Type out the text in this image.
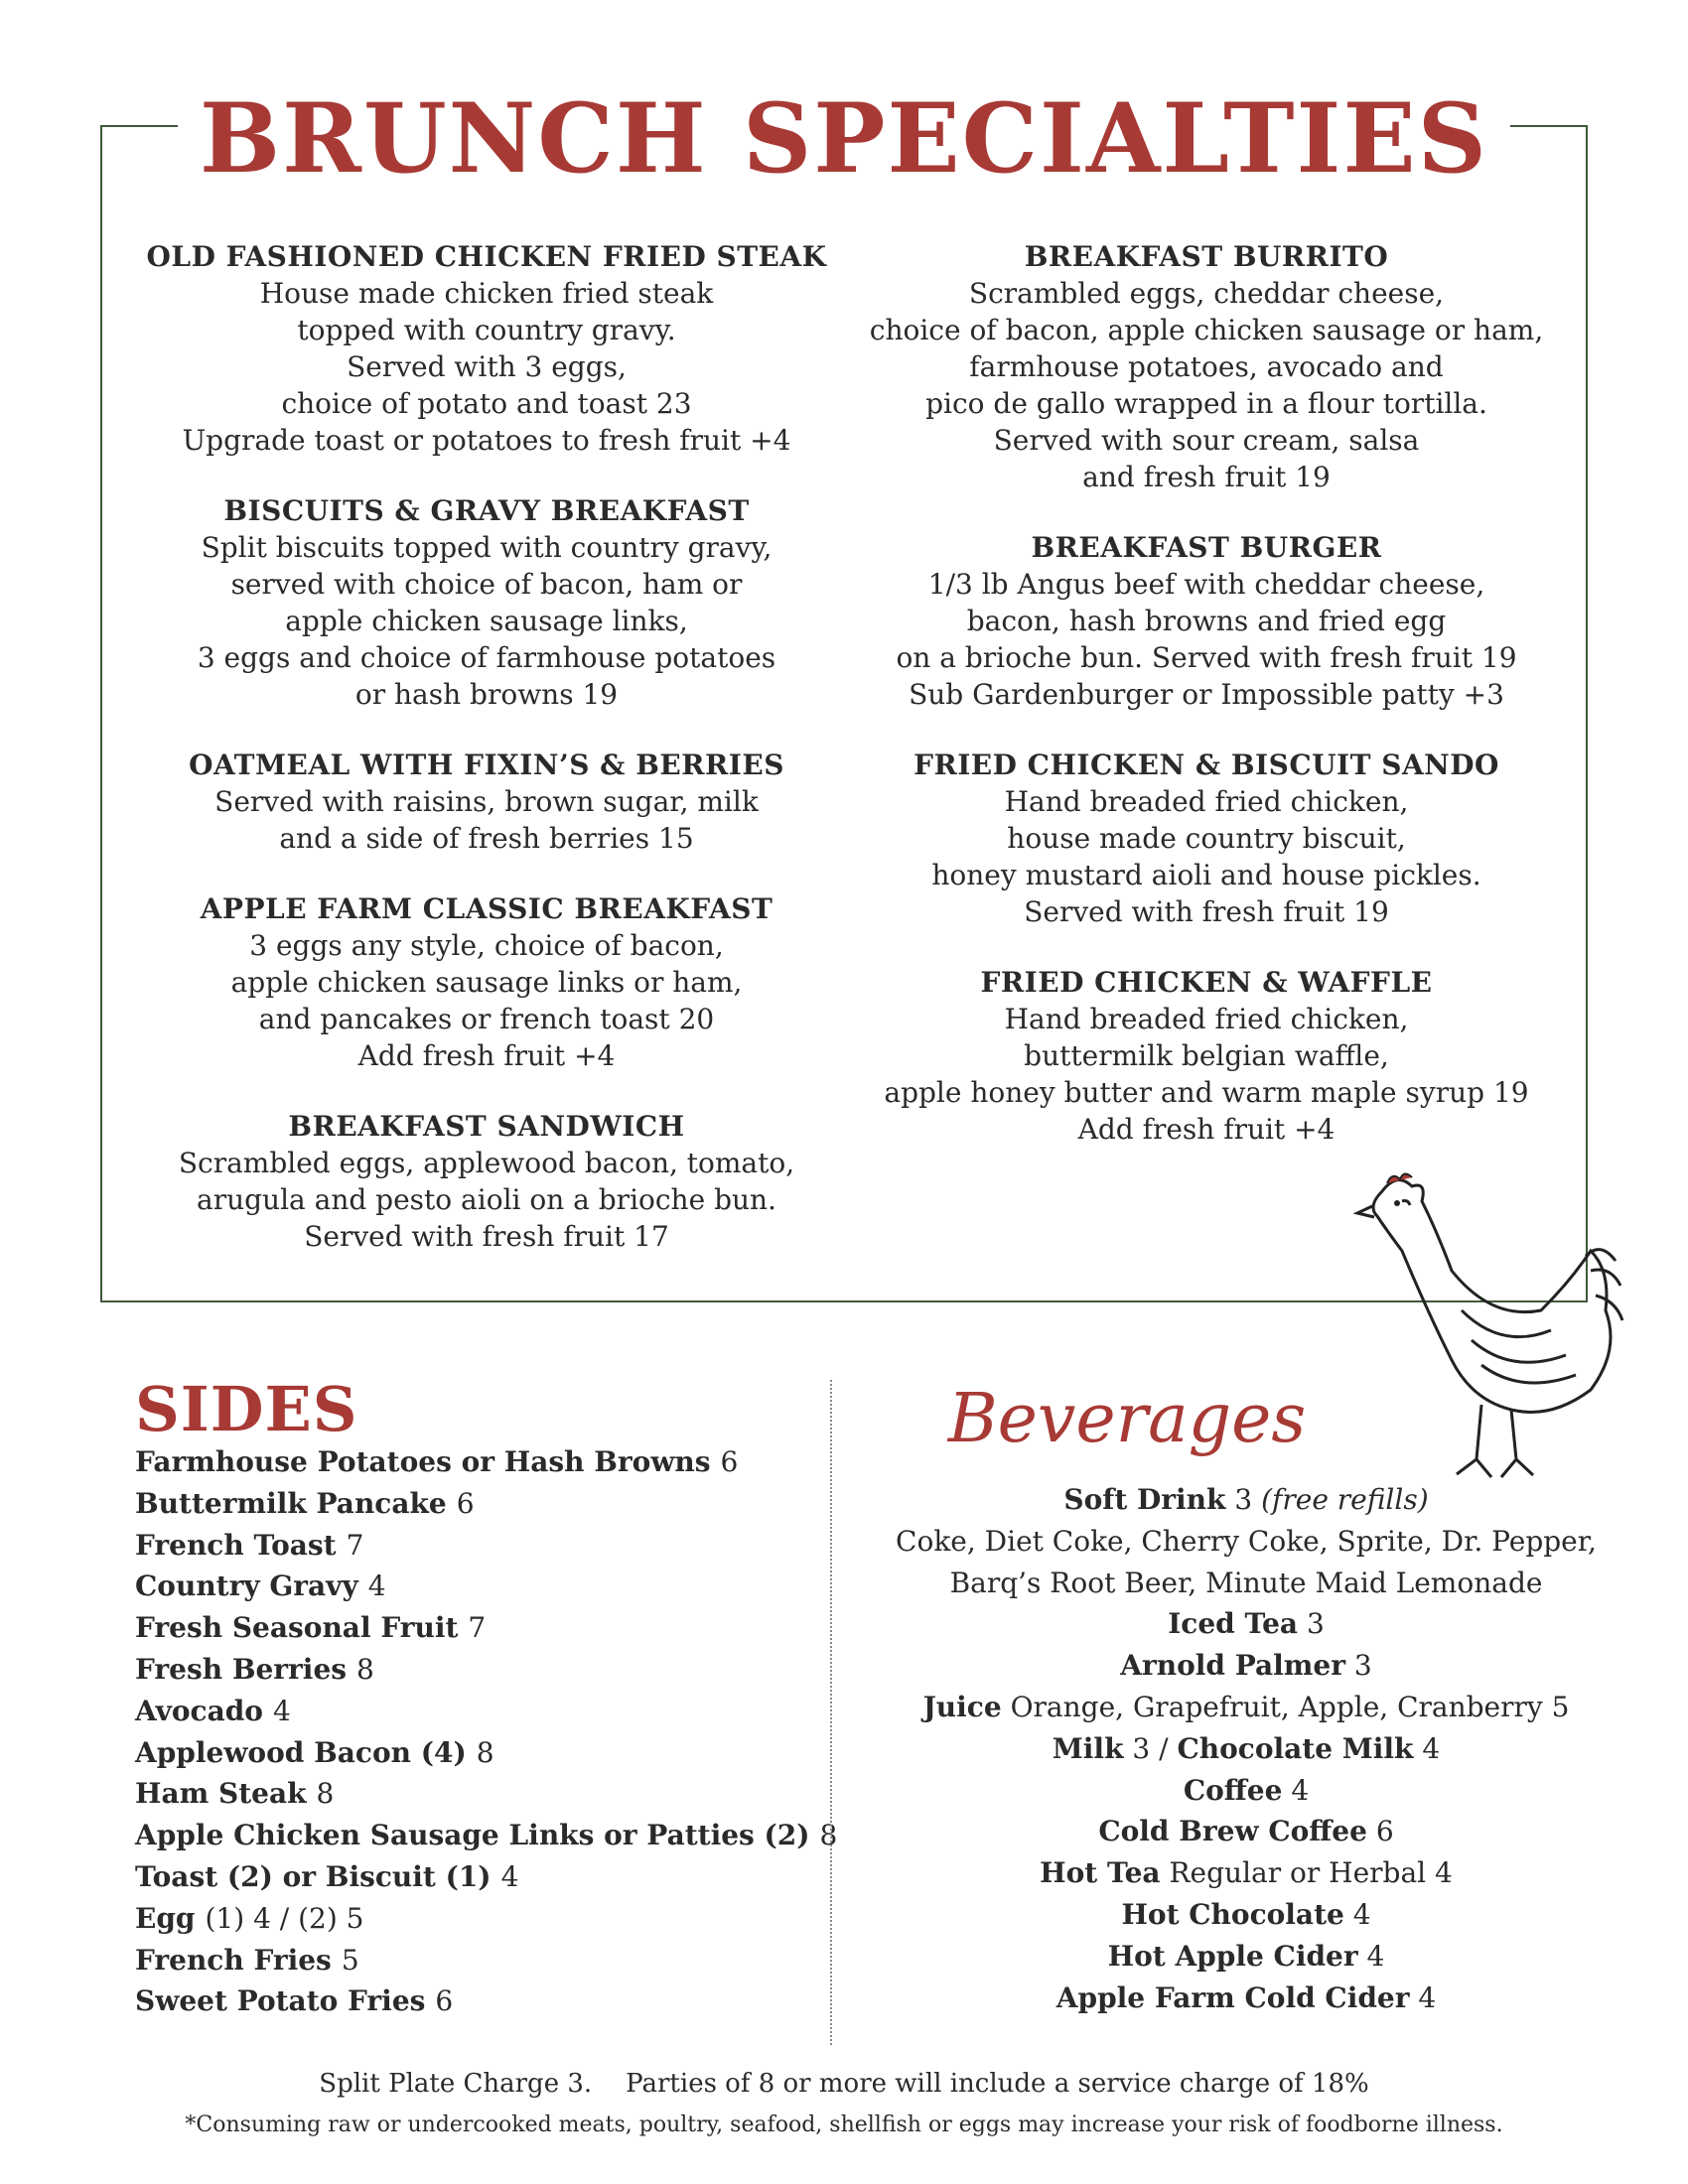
BRUNCH SPECIALTIES
OLD FASHIONED CHICKEN FRIED STEAK
House made chicken fried steak
topped with country gravy.
Served with 3 eggs,
choice of potato and toast 23
Upgrade toast or potatoes to fresh fruit +4
BISCUITS & GRAVY BREAKFAST
Split biscuits topped with country gravy,
served with choice of bacon, ham or
apple chicken sausage links,
3 eggs and choice of farmhouse potatoes
or hash browns 19
OATMEAL WITH FIXIN’S & BERRIES
Served with raisins, brown sugar, milk
and a side of fresh berries 15
APPLE FARM CLASSIC BREAKFAST
3 eggs any style, choice of bacon,
apple chicken sausage links or ham,
and pancakes or french toast 20
Add fresh fruit +4
BREAKFAST SANDWICH
Scrambled eggs, applewood bacon, tomato,
arugula and pesto aioli on a brioche bun.
Served with fresh fruit 17
BREAKFAST BURRITO
Scrambled eggs, cheddar cheese,
choice of bacon, apple chicken sausage or ham,
farmhouse potatoes, avocado and
pico de gallo wrapped in a flour tortilla.
Served with sour cream, salsa
and fresh fruit 19
BREAKFAST BURGER
1/3 lb Angus beef with cheddar cheese,
bacon, hash browns and fried egg
on a brioche bun. Served with fresh fruit 19
Sub Gardenburger or Impossible patty +3
FRIED CHICKEN & BISCUIT SANDO
Hand breaded fried chicken,
house made country biscuit,
honey mustard aioli and house pickles.
Served with fresh fruit 19
FRIED CHICKEN & WAFFLE
Hand breaded fried chicken,
buttermilk belgian waffle,
apple honey butter and warm maple syrup 19
Add fresh fruit +4
SIDES
Farmhouse Potatoes or Hash Browns 6
Buttermilk Pancake 6
French Toast 7
Country Gravy 4
Fresh Seasonal Fruit 7
Fresh Berries 8
Avocado 4
Applewood Bacon (4) 8
Ham Steak 8
Apple Chicken Sausage Links or Patties (2) 8
Toast (2) or Biscuit (1) 4
Egg (1) 4 / (2) 5
French Fries 5
Sweet Potato Fries 6
Beverages
Soft Drink 3 (free refills)
Coke, Diet Coke, Cherry Coke, Sprite, Dr. Pepper,
Barq’s Root Beer, Minute Maid Lemonade
Iced Tea 3
Arnold Palmer 3
Juice Orange, Grapefruit, Apple, Cranberry 5
Milk 3 / Chocolate Milk 4
Coffee 4
Cold Brew Coffee 6
Hot Tea Regular or Herbal 4
Hot Chocolate 4
Hot Apple Cider 4
Apple Farm Cold Cider 4
Split Plate Charge 3. Parties of 8 or more will include a service charge of 18%
*Consuming raw or undercooked meats, poultry, seafood, shellfish or eggs may increase your risk of foodborne illness.
